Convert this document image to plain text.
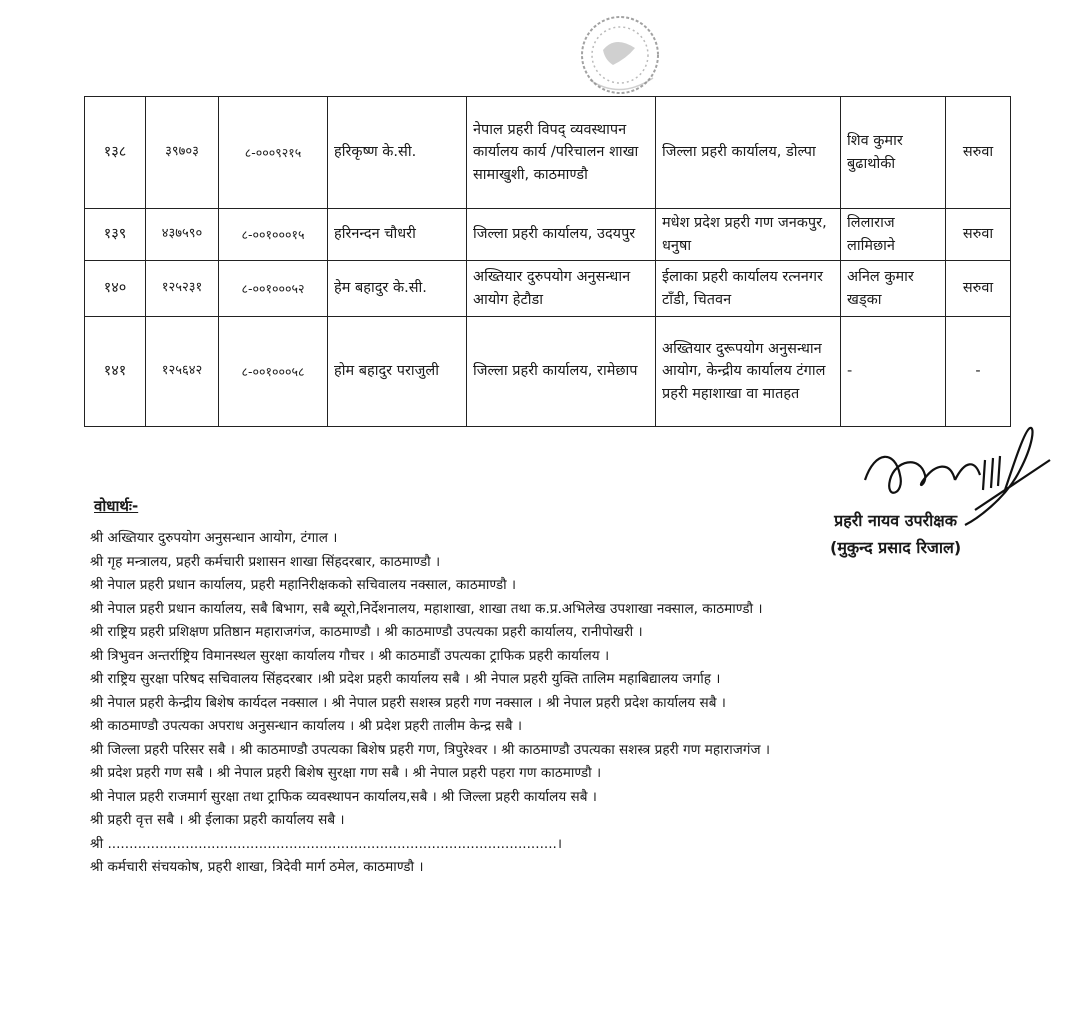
१३८	३९७०३	८-०००९२१५	हरिकृष्ण के.सी.	नेपाल प्रहरी विपद् व्यवस्थापन कार्यालय कार्य /परिचालन शाखा सामाखुशी, काठमाण्डौ	जिल्ला प्रहरी कार्यालय, डोल्पा	शिव कुमार बुढाथोकी	सरुवा
१३९	४३७५९०	८-००१०००१५	हरिनन्दन चौधरी	जिल्ला प्रहरी कार्यालय, उदयपुर	मधेश प्रदेश प्रहरी गण जनकपुर, धनुषा	लिलाराज लामिछाने	सरुवा
१४०	१२५२३१	८-००१०००५२	हेम बहादुर के.सी.	अख्तियार दुरुपयोग अनुसन्धान आयोग हेटौडा	ईलाका प्रहरी कार्यालय रत्ननगर टाँडी, चितवन	अनिल कुमार खड्का	सरुवा
१४१	१२५६४२	८-००१०००५८	होम बहादुर पराजुली	जिल्ला प्रहरी कार्यालय, रामेछाप	अख्तियार दुरूपयोग अनुसन्धान आयोग, केन्द्रीय कार्यालय टंगाल प्रहरी महाशाखा वा मातहत	-	-
वोधार्थः-
श्री अख्तियार दुरुपयोग अनुसन्धान आयोग, टंगाल ।
श्री गृह मन्त्रालय, प्रहरी कर्मचारी प्रशासन शाखा सिंहदरबार, काठमाण्डौ ।
श्री नेपाल प्रहरी प्रधान कार्यालय, प्रहरी महानिरीक्षकको सचिवालय नक्साल, काठमाण्डौ ।
श्री नेपाल प्रहरी प्रधान कार्यालय, सबै बिभाग, सबै ब्यूरो,निर्देशनालय, महाशाखा, शाखा तथा क.प्र.अभिलेख उपशाखा नक्साल, काठमाण्डौ ।
श्री राष्ट्रिय प्रहरी प्रशिक्षण प्रतिष्ठान महाराजगंज, काठमाण्डौ । श्री काठमाण्डौ उपत्यका प्रहरी कार्यालय, रानीपोखरी ।
श्री त्रिभुवन अन्तर्राष्ट्रिय विमानस्थल सुरक्षा कार्यालय गौचर । श्री काठमाडौं उपत्यका ट्राफिक प्रहरी कार्यालय ।
श्री राष्ट्रिय सुरक्षा परिषद सचिवालय सिंहदरबार ।श्री प्रदेश प्रहरी कार्यालय सबै । श्री नेपाल प्रहरी युक्ति तालिम महाबिद्यालय जर्गाह ।
श्री नेपाल प्रहरी केन्द्रीय बिशेष कार्यदल नक्साल । श्री नेपाल प्रहरी सशस्त्र प्रहरी गण नक्साल । श्री नेपाल प्रहरी प्रदेश कार्यालय सबै ।
श्री काठमाण्डौ उपत्यका अपराध अनुसन्धान कार्यालय । श्री प्रदेश प्रहरी तालीम केन्द्र सबै ।
श्री जिल्ला प्रहरी परिसर सबै । श्री काठमाण्डौ उपत्यका बिशेष प्रहरी गण, त्रिपुरेश्वर । श्री काठमाण्डौ उपत्यका सशस्त्र प्रहरी गण महाराजगंज ।
श्री प्रदेश प्रहरी गण सबै । श्री नेपाल प्रहरी बिशेष सुरक्षा गण सबै । श्री नेपाल प्रहरी पहरा गण काठमाण्डौ ।
श्री नेपाल प्रहरी राजमार्ग सुरक्षा तथा ट्राफिक व्यवस्थापन कार्यालय,सबै । श्री जिल्ला प्रहरी कार्यालय सबै ।
श्री प्रहरी वृत्त सबै । श्री ईलाका प्रहरी कार्यालय सबै ।
श्री ........................................................................................................।
श्री कर्मचारी संचयकोष, प्रहरी शाखा, त्रिदेवी मार्ग ठमेल, काठमाण्डौ ।
प्रहरी नायव उपरीक्षक
(मुकुन्द प्रसाद रिजाल)
